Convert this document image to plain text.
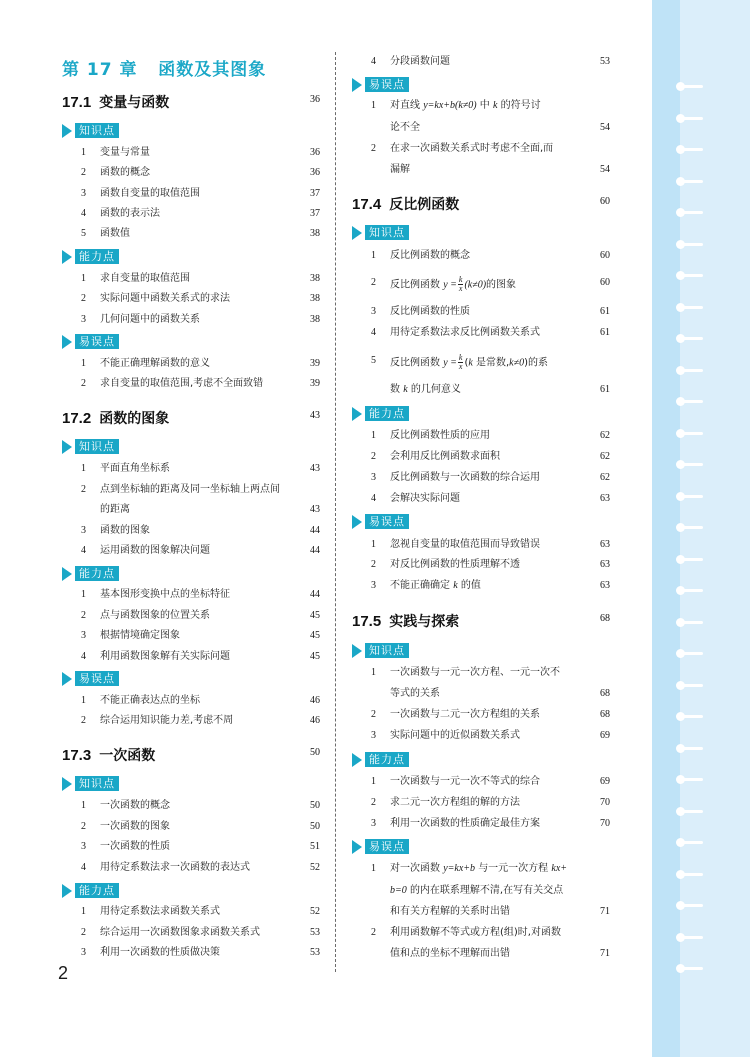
第 17 章 函数及其图象
17.1 变量与函数	36
知识点
1 变量与常量	36
2 函数的概念	36
3 函数自变量的取值范围	37
4 函数的表示法	37
5 函数值	38
能力点
1 求自变量的取值范围	38
2 实际问题中函数关系式的求法	38
3 几何问题中的函数关系	38
易误点
1 不能正确理解函数的意义	39
2 求自变量的取值范围,考虑不全面致错	39
17.2 函数的图象	43
知识点
1 平面直角坐标系	43
2 点到坐标轴的距离及同一坐标轴上两点间
的距离	43
3 函数的图象	44
4 运用函数的图象解决问题	44
能力点
1 基本图形变换中点的坐标特征	44
2 点与函数图象的位置关系	45
3 根据情境确定图象	45
4 利用函数图象解有关实际问题	45
易误点
1 不能正确表达点的坐标	46
2 综合运用知识能力差,考虑不周	46
17.3 一次函数	50
知识点
1 一次函数的概念	50
2 一次函数的图象	50
3 一次函数的性质	51
4 用待定系数法求一次函数的表达式	52
能力点
1 用待定系数法求函数关系式	52
2 综合运用一次函数图象求函数关系式	53
3 利用一次函数的性质做决策	53
4 分段函数问题	53
易误点
1 对直线 y=kx+b(k≠0) 中 k 的符号讨
论不全	54
2 在求一次函数关系式时考虑不全面,而
漏解	54
17.4 反比例函数	60
知识点
1 反比例函数的概念	60
2 反比例函数 $y = \frac{k}{x} (k\ne 0)$的图象	60
3 反比例函数的性质	61
4 用待定系数法求反比例函数关系式	61
5 反比例函数 $y = \frac{k}{x} (k$ 是常数,k≠0)的系
数 k 的几何意义	61
能力点
1 反比例函数性质的应用	62
2 会利用反比例函数求面积	62
3 反比例函数与一次函数的综合运用	62
4 会解决实际问题	63
易误点
1 忽视自变量的取值范围而导致错误	63
2 对反比例函数的性质理解不透	63
3 不能正确确定 k 的值	63
17.5 实践与探索	68
知识点
1 一次函数与一元一次方程、一元一次不
等式的关系	68
2 一次函数与二元一次方程组的关系	68
3 实际问题中的近似函数关系式	69
能力点
1 一次函数与一元一次不等式的综合	69
2 求二元一次方程组的解的方法	70
3 利用一次函数的性质确定最佳方案	70
易误点
1 对一次函数 y=kx+b 与一元一次方程 kx+
b=0 的内在联系理解不清,在写有关交点
和有关方程解的关系时出错	71
2 利用函数解不等式或方程(组)时,对函数
值和点的坐标不理解而出错	71
2
